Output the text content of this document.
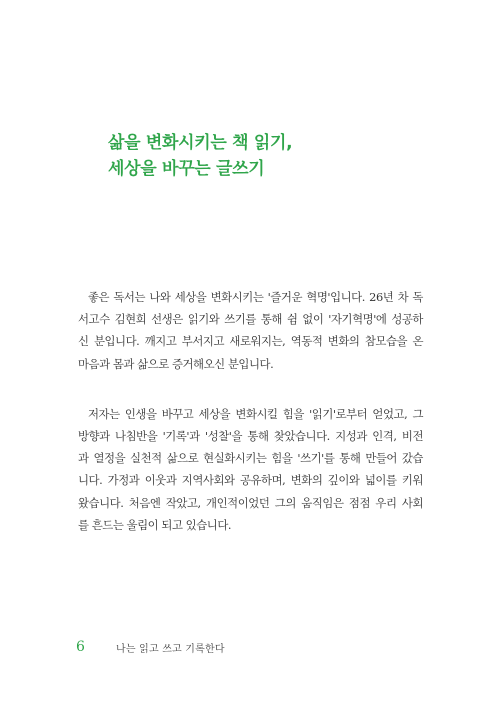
삶을 변화시키는 책 읽기,
세상을 바꾸는 글쓰기

좋은 독서는 나와 세상을 변화시키는 '즐거운 혁명'입니다. 26년 차 독
서고수 김현희 선생은 읽기와 쓰기를 통해 쉼 없이 '자기혁명'에 성공하
신 분입니다. 깨지고 부서지고 새로워지는, 역동적 변화의 참모습을 온
마음과 몸과 삶으로 증거해오신 분입니다.

저자는 인생을 바꾸고 세상을 변화시킬 힘을 '읽기'로부터 얻었고, 그
방향과 나침반을 '기록'과 '성찰'을 통해 찾았습니다. 지성과 인격, 비전
과 열정을 실천적 삶으로 현실화시키는 힘을 '쓰기'를 통해 만들어 갔습
니다. 가정과 이웃과 지역사회와 공유하며, 변화의 깊이와 넓이를 키워
왔습니다. 처음엔 작았고, 개인적이었던 그의 움직임은 점점 우리 사회
를 흔드는 울림이 되고 있습니다.

6	나는 읽고 쓰고 기록한다
